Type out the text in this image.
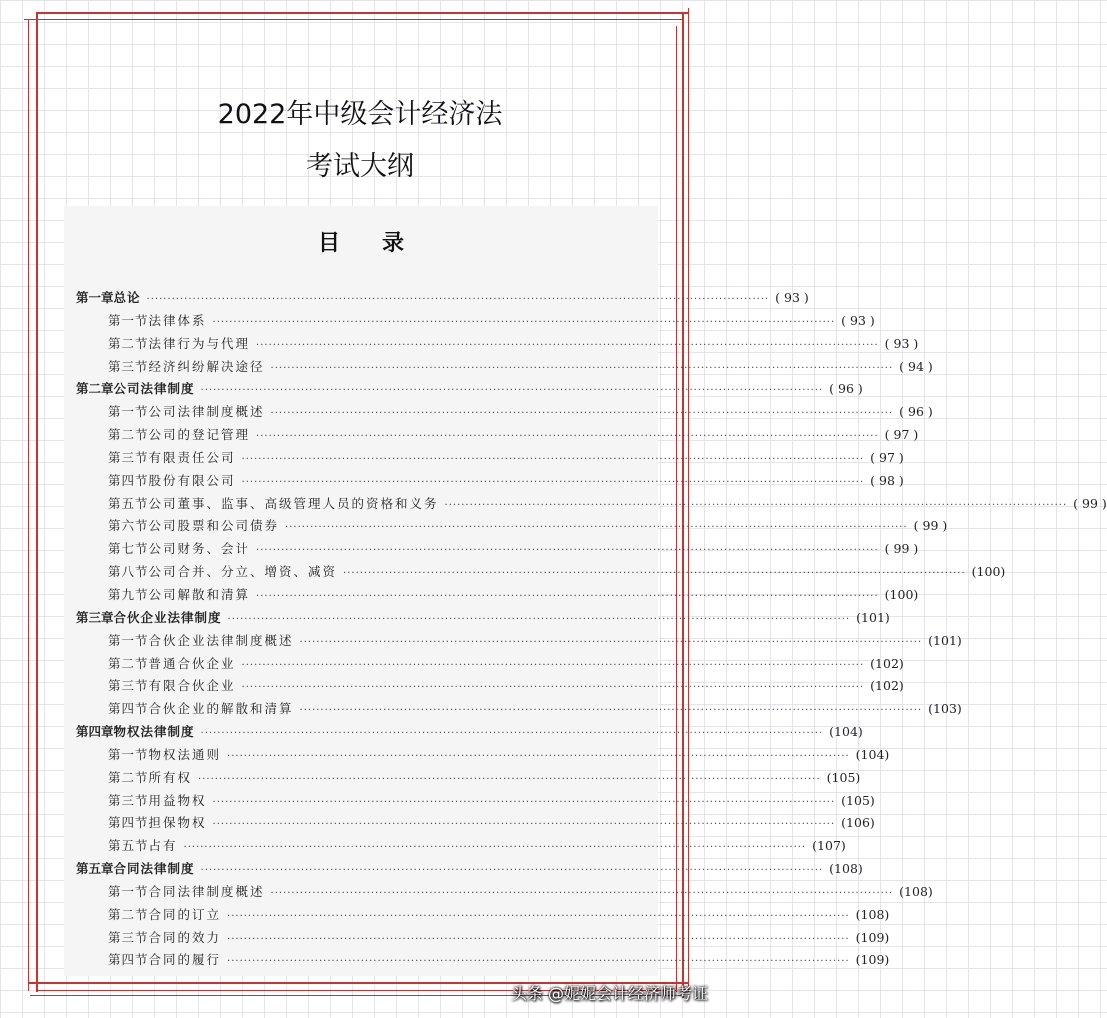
2022年中级会计经济法
考试大纲
目录
第一章 总论 ····················································································································································· ( 93 )
第一节 法律体系 ····················································································································································· ( 93 )
第二节 法律行为与代理 ····················································································································································· ( 93 )
第三节 经济纠纷解决途径 ····················································································································································· ( 94 )
第二章 公司法律制度 ····················································································································································· ( 96 )
第一节 公司法律制度概述 ····················································································································································· ( 96 )
第二节 公司的登记管理 ····················································································································································· ( 97 )
第三节 有限责任公司 ····················································································································································· ( 97 )
第四节 股份有限公司 ····················································································································································· ( 98 )
第五节 公司董事、监事、高级管理人员的资格和义务 ····················································································································································· ( 99 )
第六节 公司股票和公司债券 ····················································································································································· ( 99 )
第七节 公司财务、会计 ····················································································································································· ( 99 )
第八节 公司合并、分立、增资、减资 ····················································································································································· (100)
第九节 公司解散和清算 ····················································································································································· (100)
第三章 合伙企业法律制度 ····················································································································································· (101)
第一节 合伙企业法律制度概述 ····················································································································································· (101)
第二节 普通合伙企业 ····················································································································································· (102)
第三节 有限合伙企业 ····················································································································································· (102)
第四节 合伙企业的解散和清算 ····················································································································································· (103)
第四章 物权法律制度 ····················································································································································· (104)
第一节 物权法通则 ····················································································································································· (104)
第二节 所有权 ····················································································································································· (105)
第三节 用益物权 ····················································································································································· (105)
第四节 担保物权 ····················································································································································· (106)
第五节 占有 ····················································································································································· (107)
第五章 合同法律制度 ····················································································································································· (108)
第一节 合同法律制度概述 ····················································································································································· (108)
第二节 合同的订立 ····················································································································································· (108)
第三节 合同的效力 ····················································································································································· (109)
第四节 合同的履行 ····················································································································································· (109)
头条 @妮妮会计经济师考证
